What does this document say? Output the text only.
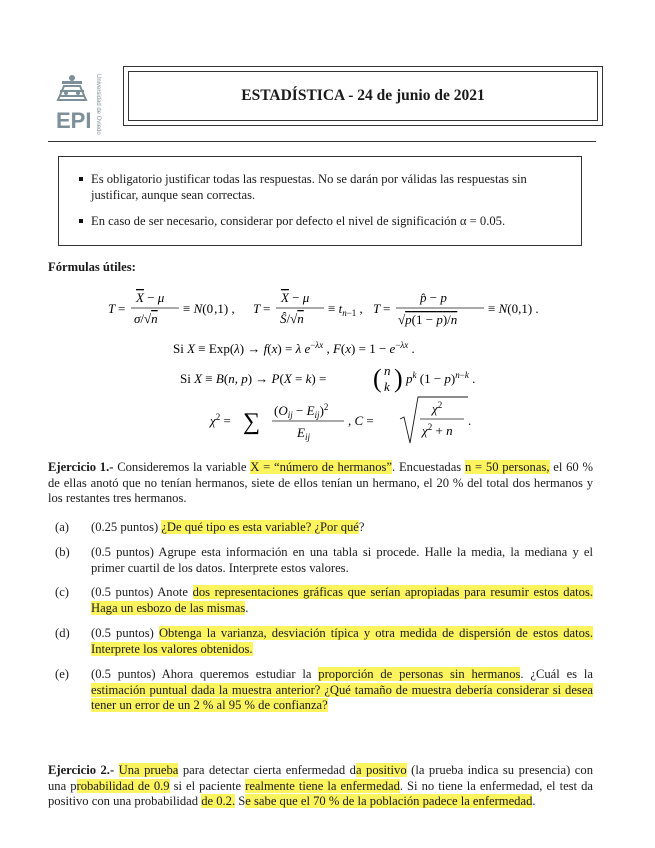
EPI Universidad de Oviedo	ESTADÍSTICA - 24 de junio de 2021
Es obligatorio justificar todas las respuestas. No se darán por válidas las respuestas sin justificar, aunque sean correctas.
En caso de ser necesario, considerar por defecto el nivel de significación α = 0.05.
Fórmulas útiles:
T =
X − μ
σ/√n
≡ N(0,1) , T =
X − μ
Ŝ/√n
≡ $t_n-1$ , T =
p̂ − p
√p(1 − p)/n
≡ N(0,1) .
Si X ≡ Exp(λ) → f(x) = λ $e^{-\lambda x}$ , $F(x) = 1 - e^{-\lambda x}$ .
Si X ≡ B(n, p) → P(X = k) = ( n
k ) $p^k$ $(1 - p)^{n-k}$ .
$\chi^2$ = ∑ $(O_{ij} - E_{ij})^2$
$E_{ij}$
, C =
$\chi^2$
$\chi^2 + n$
.
Ejercicio 1.- Consideremos la variable X = “número de hermanos”. Encuestadas n = 50 personas, el 60 % de ellas anotó que no tenían hermanos, siete de ellos tenían un hermano, el 20 % del total dos hermanos y los restantes tres hermanos.
(a) (0.25 puntos) ¿De qué tipo es esta variable? ¿Por qué?
(b) (0.5 puntos) Agrupe esta información en una tabla si procede. Halle la media, la mediana y el primer cuartil de los datos. Interprete estos valores.
(c) (0.5 puntos) Anote dos representaciones gráficas que serían apropiadas para resumir estos datos. Haga un esbozo de las mismas.
(d) (0.5 puntos) Obtenga la varianza, desviación típica y otra medida de dispersión de estos datos. Interprete los valores obtenidos.
(e) (0.5 puntos) Ahora queremos estudiar la proporción de personas sin hermanos. ¿Cuál es la estimación puntual dada la muestra anterior? ¿Qué tamaño de muestra debería considerar si desea tener un error de un 2 % al 95 % de confianza?
Ejercicio 2.- Una prueba para detectar cierta enfermedad da positivo (la prueba indica su presencia) con una probabilidad de 0.9 si el paciente realmente tiene la enfermedad. Si no tiene la enfermedad, el test da positivo con una probabilidad de 0.2. Se sabe que el 70 % de la población padece la enfermedad.
